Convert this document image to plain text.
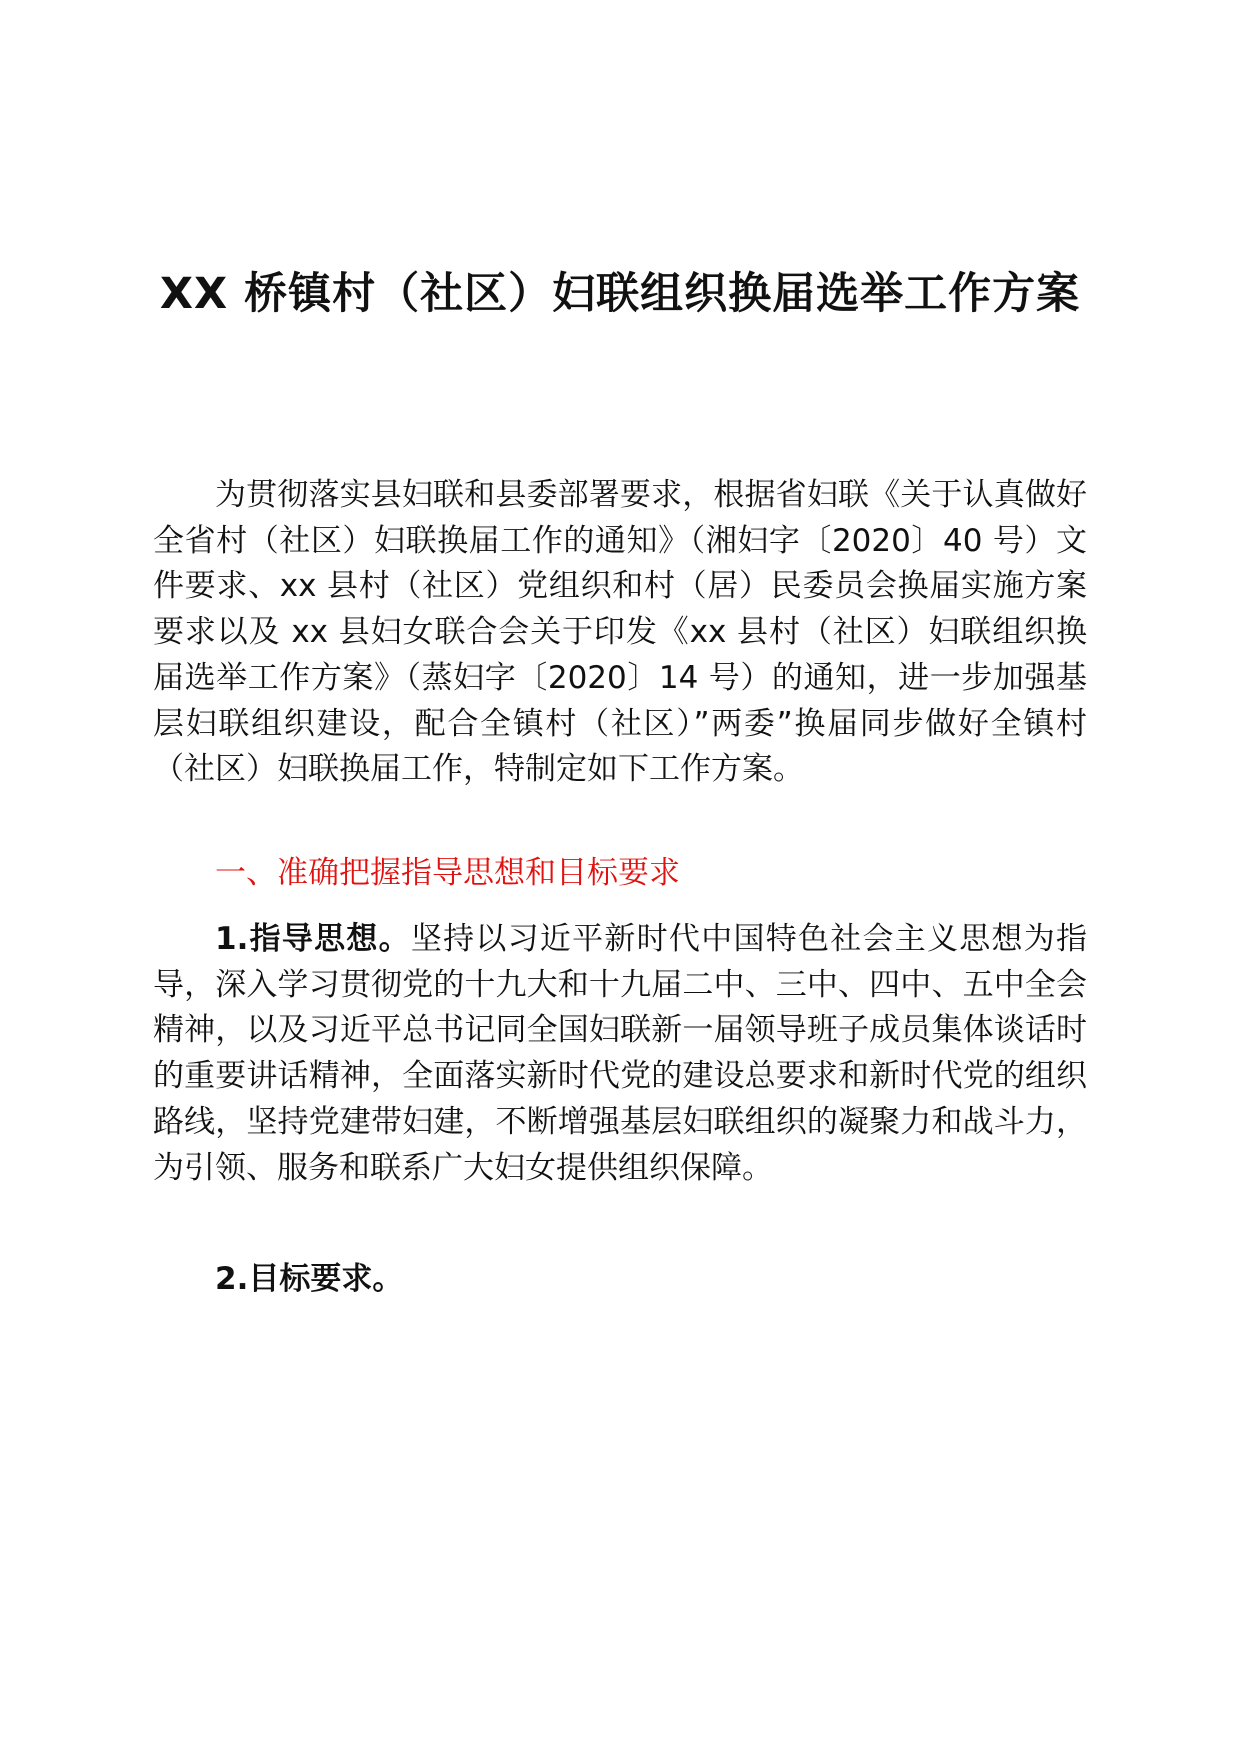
XX 桥镇村（社区）妇联组织换届选举工作方案

为贯彻落实县妇联和县委部署要求，根据省妇联《关于认真做好全省村（社区）妇联换届工作的通知》（湘妇字〔2020〕40 号）文件要求、xx 县村（社区）党组织和村（居）民委员会换届实施方案要求以及 xx 县妇女联合会关于印发《xx 县村（社区）妇联组织换届选举工作方案》（蒸妇字〔2020〕14 号）的通知，进一步加强基层妇联组织建设，配合全镇村（社区）”两委”换届同步做好全镇村（社区）妇联换届工作，特制定如下工作方案。

一、准确把握指导思想和目标要求

1.指导思想。坚持以习近平新时代中国特色社会主义思想为指导，深入学习贯彻党的十九大和十九届二中、三中、四中、五中全会精神，以及习近平总书记同全国妇联新一届领导班子成员集体谈话时的重要讲话精神，全面落实新时代党的建设总要求和新时代党的组织路线，坚持党建带妇建，不断增强基层妇联组织的凝聚力和战斗力，为引领、服务和联系广大妇女提供组织保障。

2.目标要求。
